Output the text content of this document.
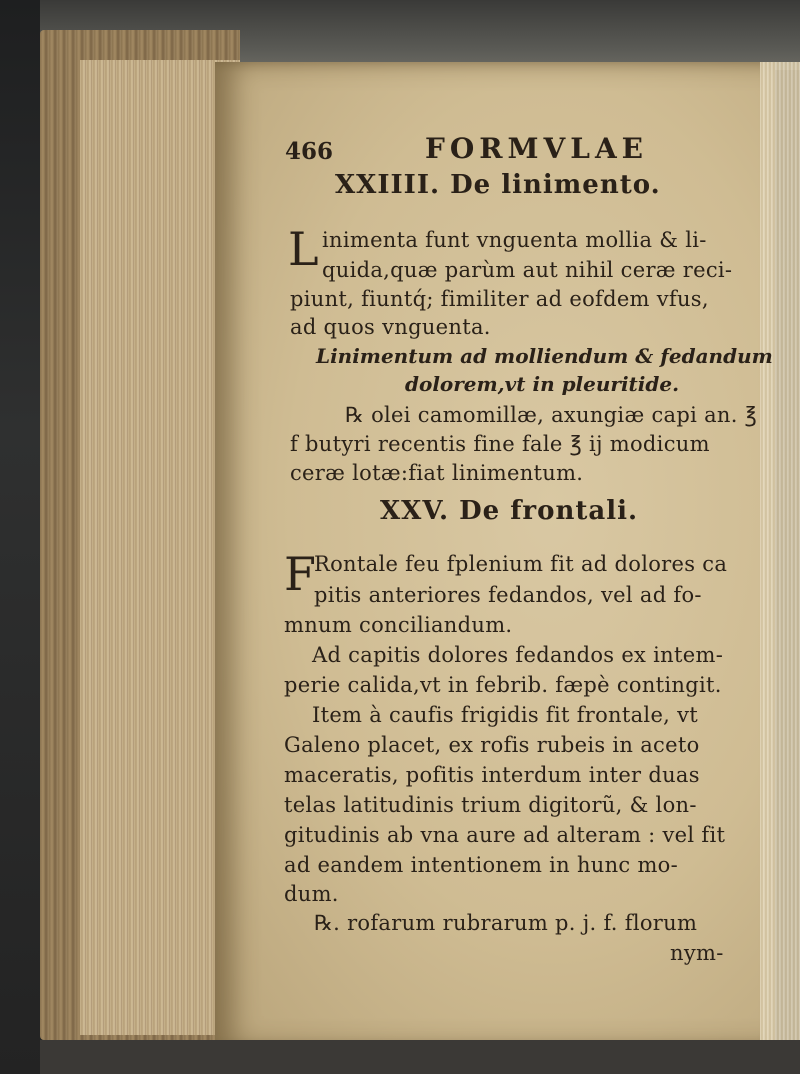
466	FORMVLAE
XXIIII. De linimento.
L inimenta funt vnguenta mollia & li-
quida,quæ parùm aut nihil ceræ reci-
piunt, fiuntq́; fimiliter ad eofdem vfus,
ad quos vnguenta.
Linimentum ad molliendum & fedandum
dolorem,vt in pleuritide.
℞ olei camomillæ, axungiæ capi an. ℥
f butyri recentis fine fale ℥ ij modicum
ceræ lotæ:fiat linimentum.
XXV. De frontali.
F
Rontale feu fplenium fit ad dolores ca
pitis anteriores fedandos, vel ad fo-
mnum conciliandum.
Ad capitis dolores fedandos ex intem-
perie calida,vt in febrib. fæpè contingit.
Item à caufis frigidis fit frontale, vt
Galeno placet, ex rofis rubeis in aceto
maceratis, pofitis interdum inter duas
telas latitudinis trium digitorũ, & lon-
gitudinis ab vna aure ad alteram : vel fit
ad eandem intentionem in hunc mo-
dum.
℞. rofarum rubrarum p. j. f. florum
nym-
